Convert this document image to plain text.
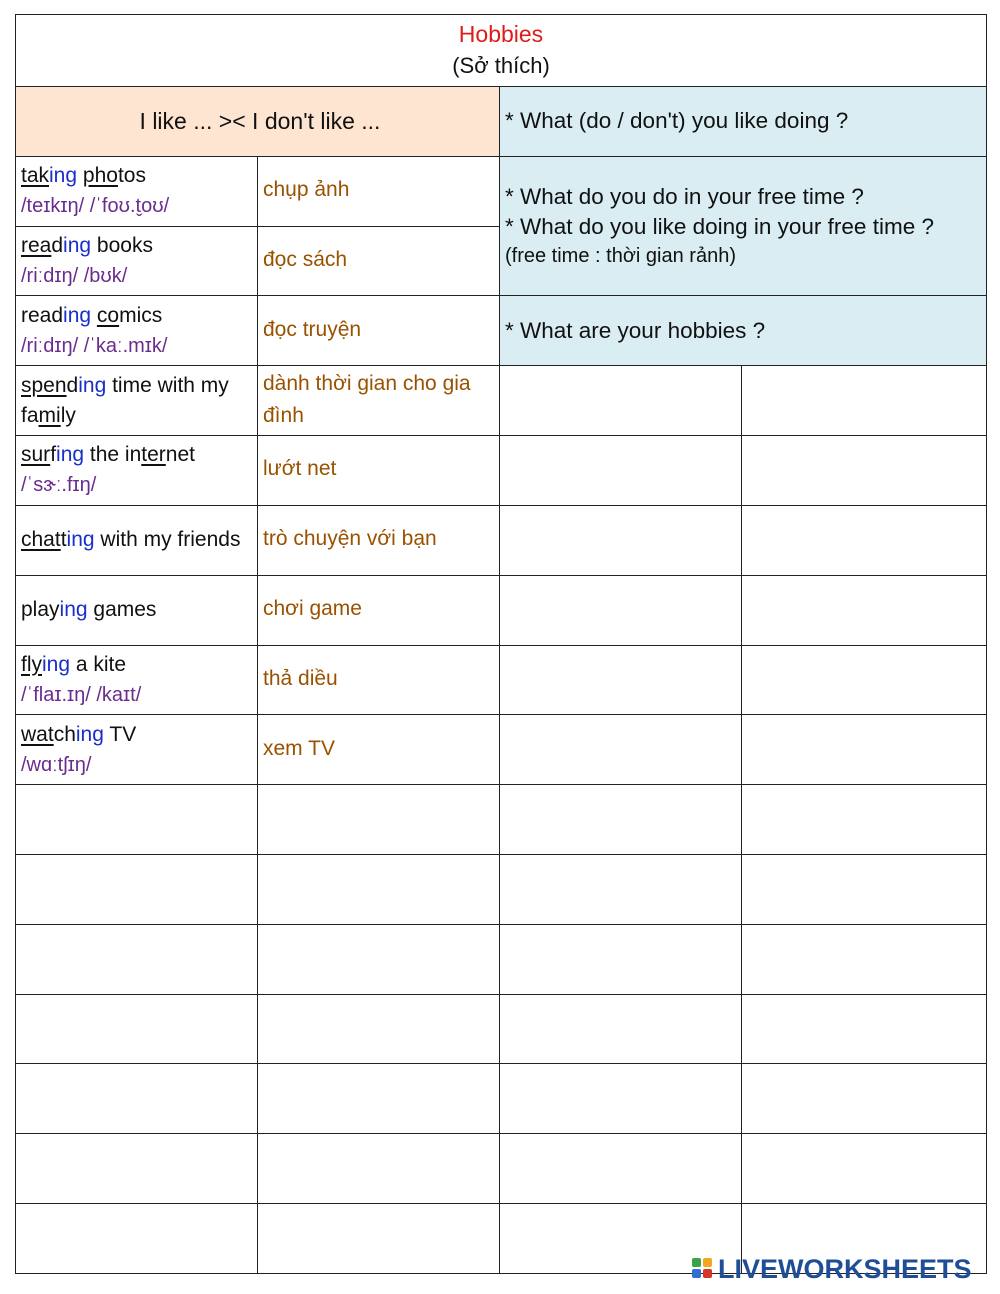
Hobbies
(Sở thích)			

I like ... >< I don't like ...		* What (do / don't) you like doing ?	

taking photos
/teɪkɪŋ/ /ˈfoʊ.t̬oʊ/	chụp ảnh	* What do you do in your free time ?
* What do you like doing in your free time ?
(free time : thời gian rảnh)	

reading books
/riːdɪŋ/ /bʊk/	đọc sách		

reading comics
/riːdɪŋ/ /ˈkaː.mɪk/	đọc truyện	* What are your hobbies ?	

spending time with my family	dành thời gian cho gia đình		

surfing the internet
/ˈsɝː.fɪŋ/	lướt net		

chatting with my friends	trò chuyện với bạn		

playing games	chơi game		

flying a kite
/ˈflaɪ.ɪŋ/ /kaɪt/	thả diều		

watching TV
/wɑːtʃɪŋ/	xem TV		

LIVEWORKSHEETS
